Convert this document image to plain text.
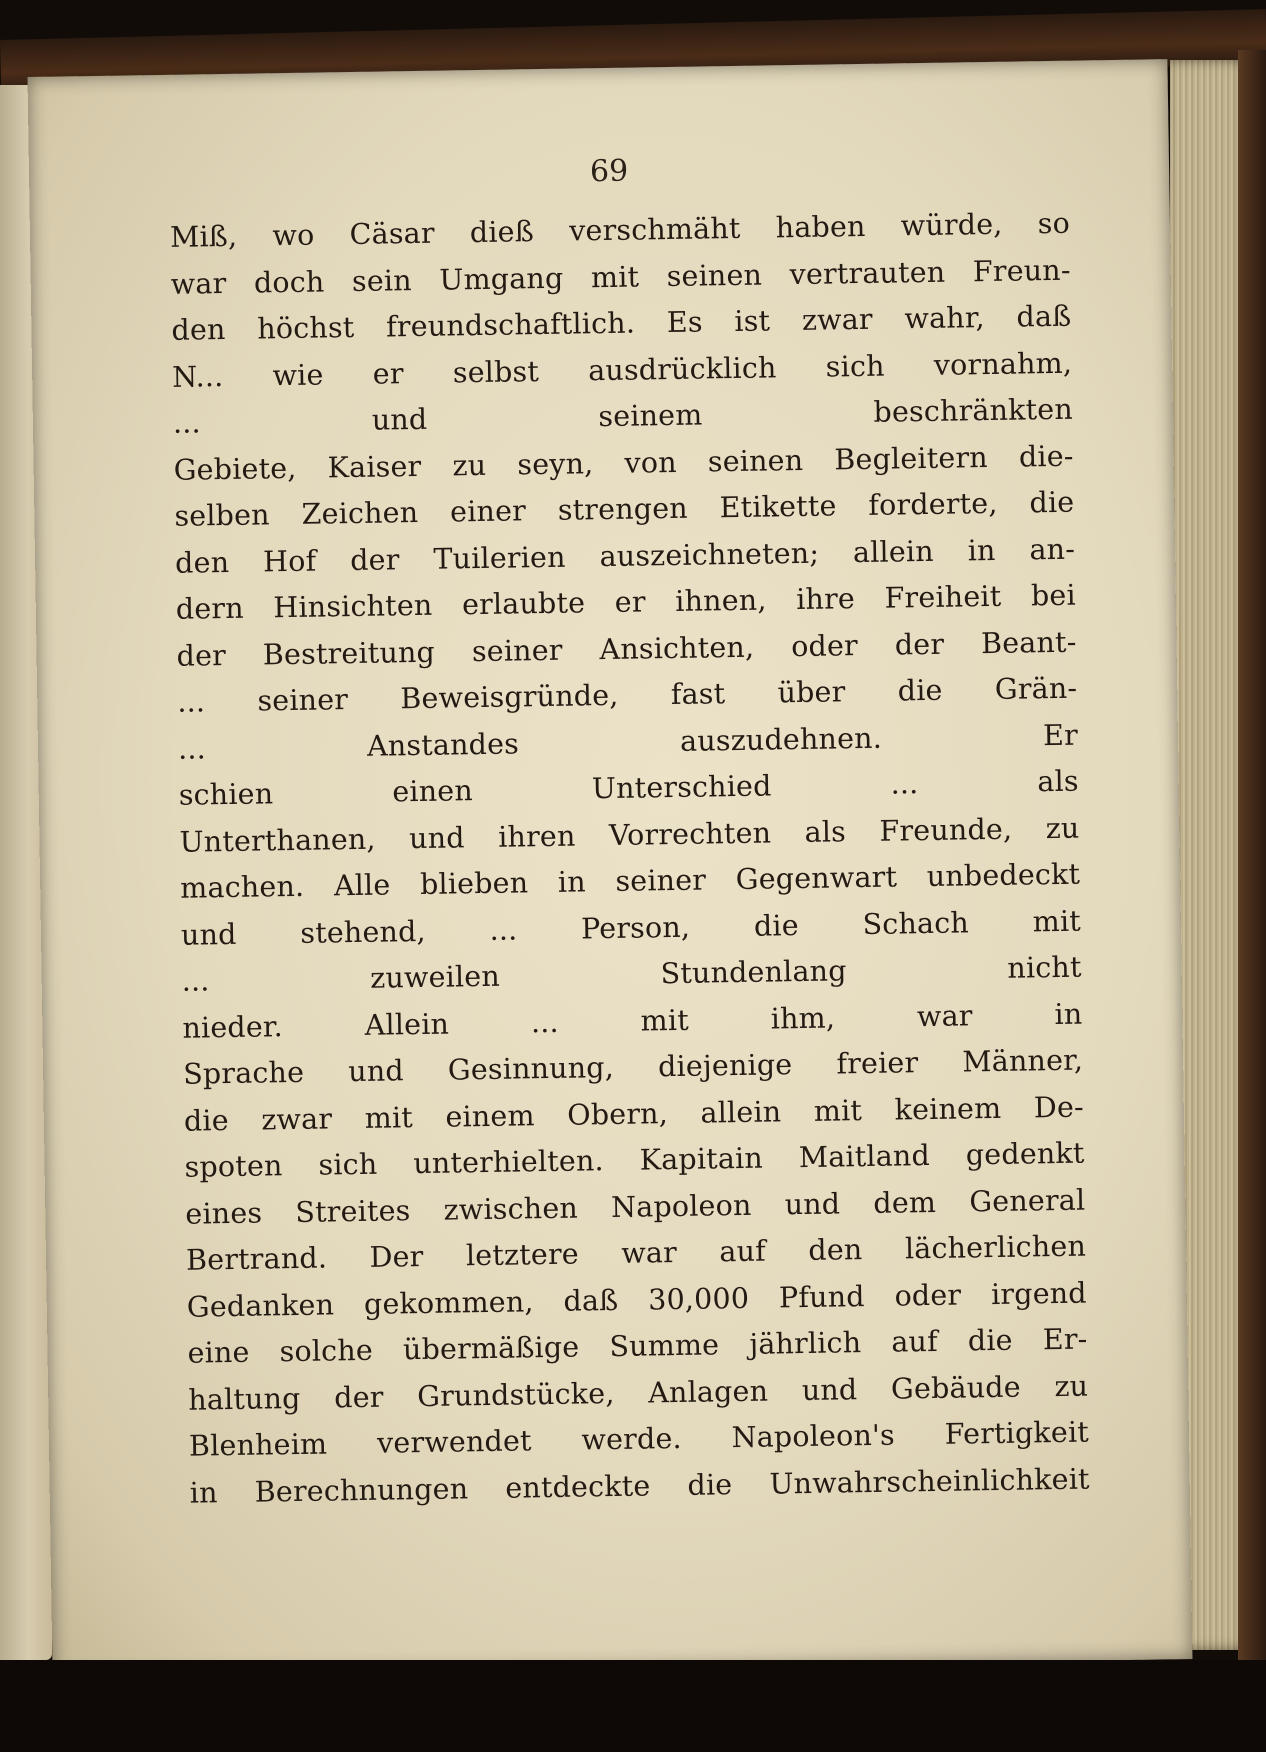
69
Miß, wo Cäsar dieß verschmäht haben würde, so
war doch sein Umgang mit seinen vertrauten Freun-
den höchst freundschaftlich. Es ist zwar wahr, daß
N... wie er selbst ausdrücklich sich vornahm,
... und seinem beschränkten
Gebiete, Kaiser zu seyn, von seinen Begleitern die-
selben Zeichen einer strengen Etikette forderte, die
den Hof der Tuilerien auszeichneten; allein in an-
dern Hinsichten erlaubte er ihnen, ihre Freiheit bei
der Bestreitung seiner Ansichten, oder der Beant-
... seiner Beweisgründe, fast über die Grän-
... Anstandes auszudehnen. Er
schien einen Unterschied ... als
Unterthanen, und ihren Vorrechten als Freunde, zu
machen. Alle blieben in seiner Gegenwart unbedeckt
und stehend, ... Person, die Schach mit
... zuweilen Stundenlang nicht
nieder. Allein ... mit ihm, war in
Sprache und Gesinnung, diejenige freier Männer,
die zwar mit einem Obern, allein mit keinem De-
spoten sich unterhielten. Kapitain Maitland gedenkt
eines Streites zwischen Napoleon und dem General
Bertrand. Der letztere war auf den lächerlichen
Gedanken gekommen, daß 30,000 Pfund oder irgend
eine solche übermäßige Summe jährlich auf die Er-
haltung der Grundstücke, Anlagen und Gebäude zu
Blenheim verwendet werde. Napoleon's Fertigkeit
in Berechnungen entdeckte die Unwahrscheinlichkeit
